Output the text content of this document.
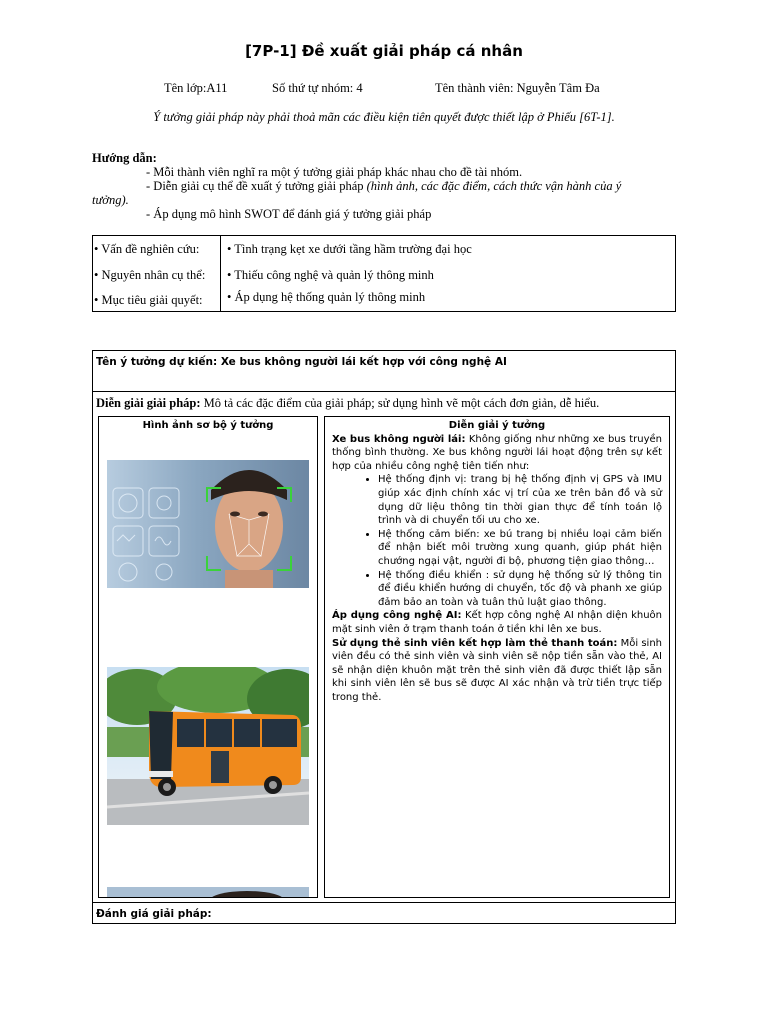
[7P-1] Đề xuất giải pháp cá nhân
Tên lớp:A11	Số thứ tự nhóm: 4	Tên thành viên: Nguyễn Tâm Đa
Ý tưởng giải pháp này phải thoả mãn các điều kiện tiên quyết được thiết lập ở Phiếu [6T-1].
Hướng dẫn:
- Mỗi thành viên nghĩ ra một ý tưởng giải pháp khác nhau cho đề tài nhóm.
- Diễn giải cụ thể đề xuất ý tưởng giải pháp (hình ảnh, các đặc điểm, cách thức vận hành của ý
tưởng).
- Áp dụng mô hình SWOT để đánh giá ý tưởng giải pháp
• Vấn đề nghiên cứu: • Tình trạng kẹt xe dưới tầng hầm trường đại học
• Nguyên nhân cụ thể: • Thiếu công nghệ và quản lý thông minh
• Mục tiêu giải quyết: • Áp dụng hệ thống quản lý thông minh
Tên ý tưởng dự kiến: Xe bus không người lái kết hợp với công nghệ AI
Diễn giải giải pháp: Mô tả các đặc điểm của giải pháp; sử dụng hình vẽ một cách đơn giản, dễ hiểu.
Hình ảnh sơ bộ ý tưởng	Diễn giải ý tưởng
Xe bus không người lái: Không giống như những xe bus truyền thống bình thường. Xe bus không người lái hoạt động trên sự kết hợp của nhiều công nghệ tiên tiến như:
• Hệ thống định vị: trang bị hệ thống định vị GPS và IMU giúp xác định chính xác vị trí của xe trên bản đồ và sử dụng dữ liệu thông tin thời gian thực để tính toán lộ trình và di chuyển tối ưu cho xe.
• Hệ thống cảm biến: xe bú trang bị nhiều loại cảm biến để nhận biết môi trường xung quanh, giúp phát hiện chướng ngại vật, người đi bộ, phương tiện giao thông…
• Hệ thống điều khiển : sử dụng hệ thống sử lý thông tin để điều khiển hướng di chuyển, tốc độ và phanh xe giúp đảm bảo an toàn và tuân thủ luật giao thông.
Áp dụng công nghệ AI: Kết hợp công nghệ AI nhận diện khuôn mặt sinh viên ở trạm thanh toán ở tiền khi lên xe bus.
Sử dụng thẻ sinh viên kết hợp làm thẻ thanh toán: Mỗi sinh viên đều có thẻ sinh viên và sinh viên sẽ nộp tiền sẵn vào thẻ, AI sẽ nhận diện khuôn mặt trên thẻ sinh viên đã được thiết lập sẵn khi sinh viên lên sẽ bus sẽ được AI xác nhận và trừ tiền trực tiếp trong thẻ.
Đánh giá giải pháp:
